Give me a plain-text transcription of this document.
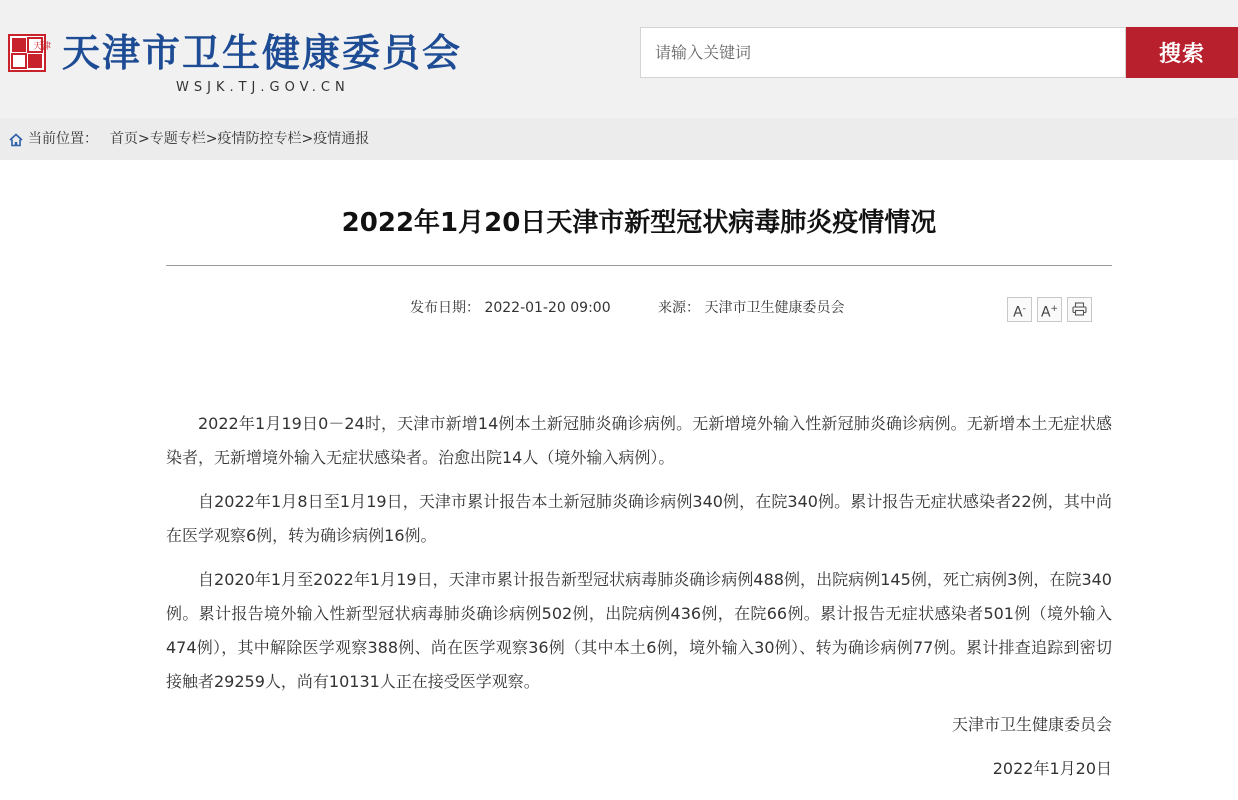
天津 天津市卫生健康委员会
WSJK.TJ.GOV.CN
请输入关键词
搜索
当前位置： 首页>专题专栏>疫情防控专栏>疫情通报
2022年1月20日天津市新型冠状病毒肺炎疫情情况
发布日期： 2022-01-20 09:00	来源： 天津市卫生健康委员会	A-	A+

2022年1月19日0－24时，天津市新增14例本土新冠肺炎确诊病例。无新增境外输入性新冠肺炎确诊病例。无新增本土无症状感染者，无新增境外输入无症状感染者。治愈出院14人（境外输入病例）。

自2022年1月8日至1月19日，天津市累计报告本土新冠肺炎确诊病例340例，在院340例。累计报告无症状感染者22例，其中尚在医学观察6例，转为确诊病例16例。

自2020年1月至2022年1月19日，天津市累计报告新型冠状病毒肺炎确诊病例488例，出院病例145例，死亡病例3例，在院340例。累计报告境外输入性新型冠状病毒肺炎确诊病例502例，出院病例436例，在院66例。累计报告无症状感染者501例（境外输入474例），其中解除医学观察388例、尚在医学观察36例（其中本土6例，境外输入30例）、转为确诊病例77例。累计排查追踪到密切接触者29259人，尚有10131人正在接受医学观察。

天津市卫生健康委员会
2022年1月20日
